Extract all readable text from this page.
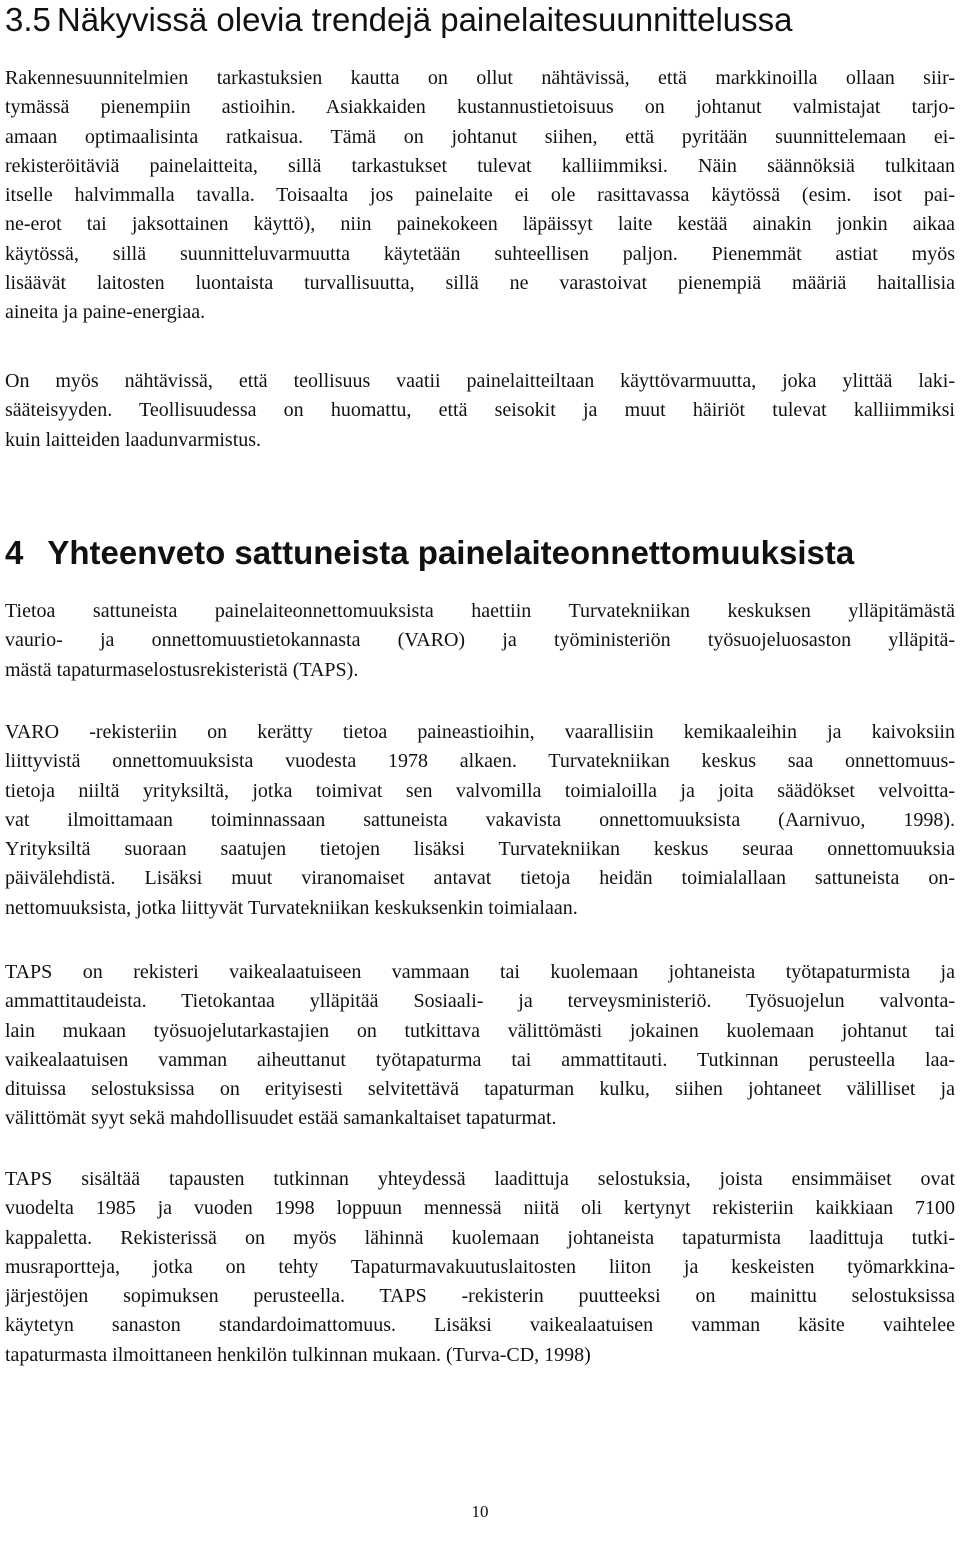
3.5 Näkyvissä olevia trendejä painelaitesuunnittelussa

Rakennesuunnitelmien tarkastuksien kautta on ollut nähtävissä, että markkinoilla ollaan siir-
tymässä pienempiin astioihin. Asiakkaiden kustannustietoisuus on johtanut valmistajat tarjo-
amaan optimaalisinta ratkaisua. Tämä on johtanut siihen, että pyritään suunnittelemaan ei-
rekisteröitäviä painelaitteita, sillä tarkastukset tulevat kalliimmiksi. Näin säännöksiä tulkitaan
itselle halvimmalla tavalla. Toisaalta jos painelaite ei ole rasittavassa käytössä (esim. isot pai-
ne-erot tai jaksottainen käyttö), niin painekokeen läpäissyt laite kestää ainakin jonkin aikaa
käytössä, sillä suunnitteluvarmuutta käytetään suhteellisen paljon. Pienemmät astiat myös
lisäävät laitosten luontaista turvallisuutta, sillä ne varastoivat pienempiä määriä haitallisia
aineita ja paine-energiaa.

On myös nähtävissä, että teollisuus vaatii painelaitteiltaan käyttövarmuutta, joka ylittää laki-
sääteisyyden. Teollisuudessa on huomattu, että seisokit ja muut häiriöt tulevat kalliimmiksi
kuin laitteiden laadunvarmistus.

4 Yhteenveto sattuneista painelaiteonnettomuuksista

Tietoa sattuneista painelaiteonnettomuuksista haettiin Turvatekniikan keskuksen ylläpitämästä
vaurio- ja onnettomuustietokannasta (VARO) ja työministeriön työsuojeluosaston ylläpitä-
mästä tapaturmaselostusrekisteristä (TAPS).

VARO -rekisteriin on kerätty tietoa paineastioihin, vaarallisiin kemikaaleihin ja kaivoksiin
liittyvistä onnettomuuksista vuodesta 1978 alkaen. Turvatekniikan keskus saa onnettomuus-
tietoja niiltä yrityksiltä, jotka toimivat sen valvomilla toimialoilla ja joita säädökset velvoitta-
vat ilmoittamaan toiminnassaan sattuneista vakavista onnettomuuksista (Aarnivuo, 1998).
Yrityksiltä suoraan saatujen tietojen lisäksi Turvatekniikan keskus seuraa onnettomuuksia
päivälehdistä. Lisäksi muut viranomaiset antavat tietoja heidän toimialallaan sattuneista on-
nettomuuksista, jotka liittyvät Turvatekniikan keskuksenkin toimialaan.

TAPS on rekisteri vaikealaatuiseen vammaan tai kuolemaan johtaneista työtapaturmista ja
ammattitaudeista. Tietokantaa ylläpitää Sosiaali- ja terveysministeriö. Työsuojelun valvonta-
lain mukaan työsuojelutarkastajien on tutkittava välittömästi jokainen kuolemaan johtanut tai
vaikealaatuisen vamman aiheuttanut työtapaturma tai ammattitauti. Tutkinnan perusteella laa-
dituissa selostuksissa on erityisesti selvitettävä tapaturman kulku, siihen johtaneet välilliset ja
välittömät syyt sekä mahdollisuudet estää samankaltaiset tapaturmat.

TAPS sisältää tapausten tutkinnan yhteydessä laadittuja selostuksia, joista ensimmäiset ovat
vuodelta 1985 ja vuoden 1998 loppuun mennessä niitä oli kertynyt rekisteriin kaikkiaan 7100
kappaletta. Rekisterissä on myös lähinnä kuolemaan johtaneista tapaturmista laadittuja tutki-
musraportteja, jotka on tehty Tapaturmavakuutuslaitosten liiton ja keskeisten työmarkkina-
järjestöjen sopimuksen perusteella. TAPS -rekisterin puutteeksi on mainittu selostuksissa
käytetyn sanaston standardoimattomuus. Lisäksi vaikealaatuisen vamman käsite vaihtelee
tapaturmasta ilmoittaneen henkilön tulkinnan mukaan. (Turva-CD, 1998)

10
